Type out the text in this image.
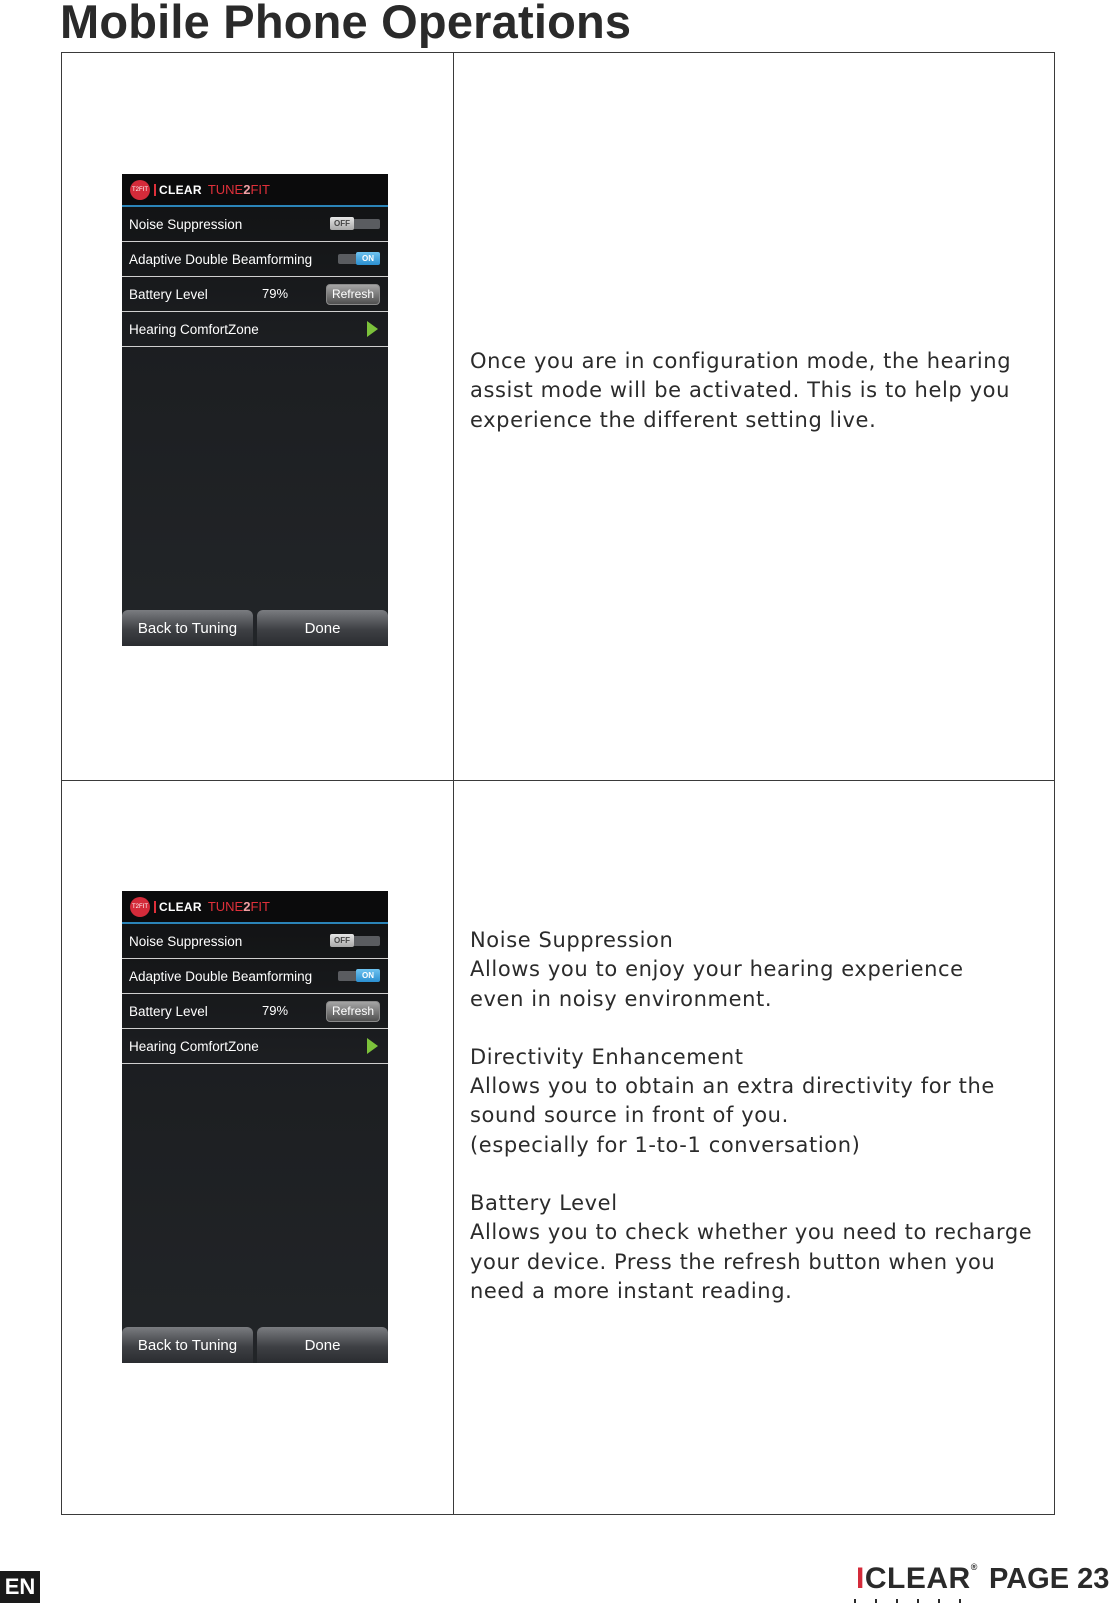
Mobile Phone Operations
T2FIT CLEAR TUNE 2 FIT
Noise Suppression	OFF
Adaptive Double Beamforming	ON
Battery Level	79%	Refresh
Hearing ComfortZone
Back to Tuning	Done
T2FIT CLEAR TUNE 2 FIT
Noise Suppression	OFF
Adaptive Double Beamforming	ON
Battery Level	79%	Refresh
Hearing ComfortZone
Back to Tuning	Done

Once you are in configuration mode, the hearing

assist mode will be activated. This is to help you

experience the different setting live.

Noise Suppression

Allows you to enjoy your hearing experience

even in noisy environment.

Directivity Enhancement

Allows you to obtain an extra directivity for the

sound source in front of you.

(especially for 1-to-1 conversation)

Battery Level

Allows you to check whether you need to recharge

your device. Press the refresh button when you

need a more instant reading.

EN	ICLEAR® PAGE 23
